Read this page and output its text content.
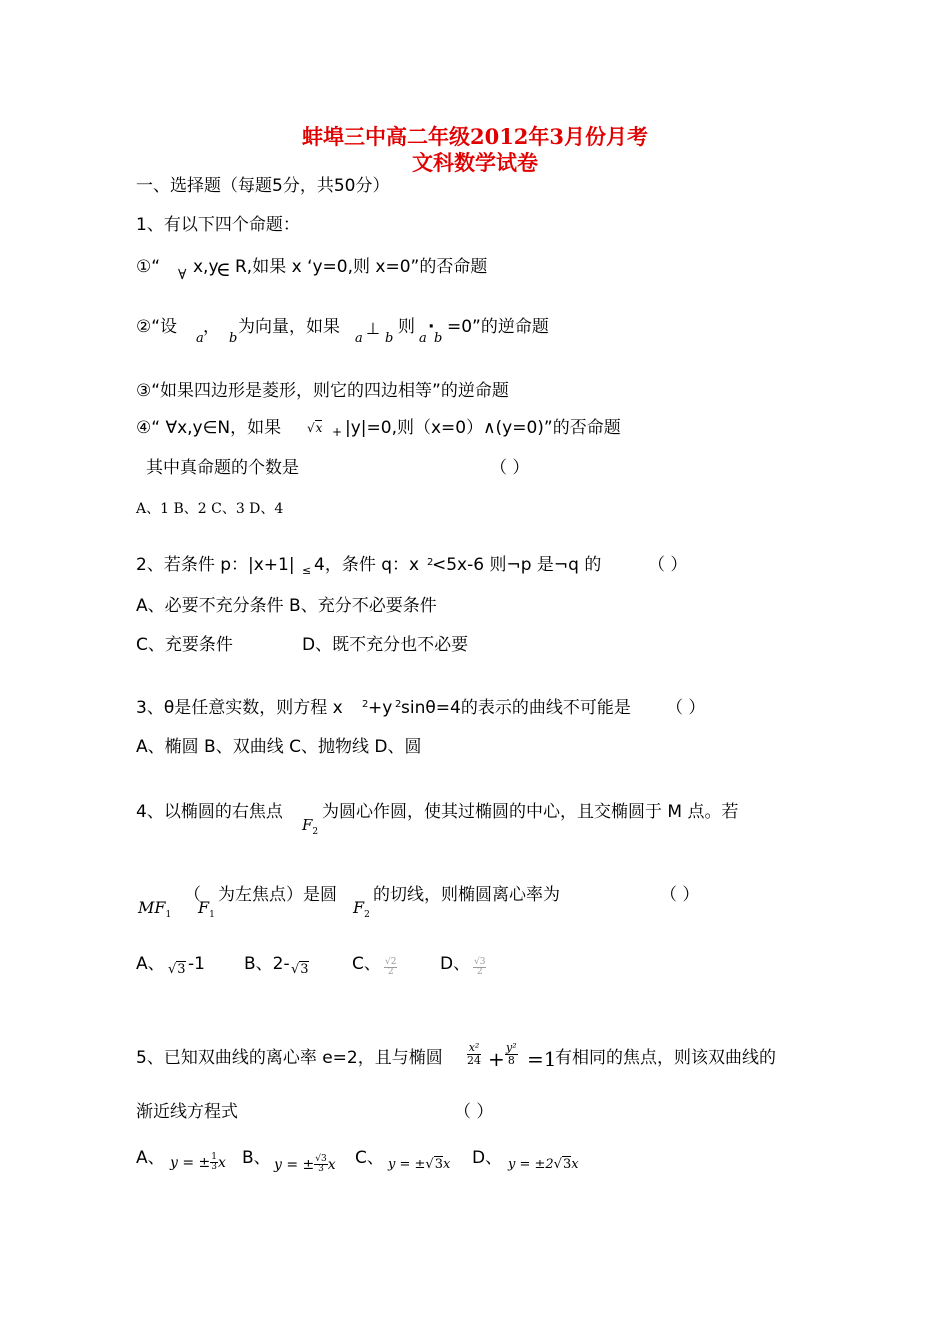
蚌埠三中高二年级2012年3月份月考
文科数学试卷
一、选择题（每题5分，共50分）
1、有以下四个命题：
①“ ∀ x,y
∈ R,如果 x ‘y=0,则 x=0”的否命题
②“设
a
，
b
为向量，如果
a
⊥
b
则
a
·
b
=0”的逆命题
③“如果四边形是菱形，则它的四边相等”的逆命题
④“ ∀x,y∈N，如果 √x + |y|=0,则（x=0）∧(y=0)”的否命题
其中真命题的个数是	（ ）
A、1 B、2 C、3 D、4
2、若条件 p：|x+1| ≤ 4，条件 q：x 2
<5x-6 则¬p 是¬q 的	（ ）
A、必要不充分条件 B、充分不必要条件
C、充要条件	D、既不充分也不必要
3、θ是任意实数，则方程 x 2 +y 2 sinθ=4的表示的曲线不可能是 （ ）
A、椭圆 B、双曲线 C、抛物线 D、圆
4、以椭圆的右焦点
$F_2$
为圆心作圆，使其过椭圆的中心，且交椭圆于 M 点。若
$MF_1$
（
$F_1$
为左焦点）是圆
$F_2$
的切线，则椭圆离心率为	（ ）
A、 √3 -1 B、2- √3	C、 $\frac{√2}{2}$	D、 $\frac{√3}{2}$
5、已知双曲线的离心率 e=2，且与椭圆 $\frac{\text{x²}}{24} + \frac{\text{y²}}{8} =1$
有相同的焦点，则该双曲线的
渐近线方程式	（ ）
A、 y = ± $\frac{1}{3}$ x B、 y = ± $\frac{√3}{3}$ x C、 y = ±√3x D、 y = ±2√3x
